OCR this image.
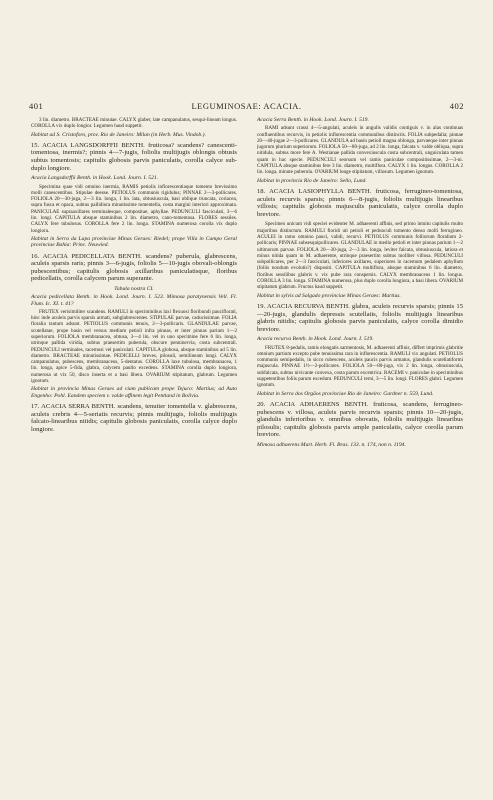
401	LEGUMINOSAE: ACACIA.	402

3 lin. diametro. BRACTEAE minutae. CALYX glaber, late campanulatus, sesqui-lineam longus. COROLLA vix duplo longior. Legumen haud suppetit.

Habitat ad S. Cristoforo, prov. Rio de Janeiro: Milan (in Herb. Mus. Vindob.).

15. ACACIA LANGSDORFFII BENTH. fruticosa? scandens? canescenti-tomentosa, inermis?; pinnis 4—7-jugis, foliolis multijugis oblongis obtusis subtus tomentosis; capitulis globosis parvis paniculatis, corolla calyce sub-duplo longiore.

Acacia Langsdorffii Benth. in Hook. Lond. Journ. I. 521.

Specimina quae vidi omnino inermia, RAMIS petiolis inflorescentiaque tomento brevissimo molli canescentibus. Stipulae deesse. PETIOLUS communis rigidulus; PINNAE 2—3-pollicares. FOLIOLA 20—30-juga, 2—3 lin. longa, 1 lin. lata, obtusiuscula, basi oblique truncata, coriacea, supra fusca et opaca, subtus pallidiora minutissime tomentella, costa margini interiori approximata. PANICULAE supraaxillares terminalesque, compositae, aphyllae. PEDUNCULI fasciculati, 3—6 lin. longi. CAPITULA absque staminibus 2 lin. diametro, cano-tomentosa. FLORES sessiles. CALYX fere tubulosus. COROLLA fere 2 lin. longa. STAMINA numerosa corolla vix duplo longiora.

Habitat in Serra da Lapa provinciae Minas Geraes: Riedel; prope Villa in Campo Geral provinciae Bahia: Princ. Neuwied.

16. ACACIA PEDICELLATA BENTH. scandens? puberula, glabrescens, aculeis sparsis raris; pinnis 3—6-jugis, foliolis 5—10-jugis obovali-oblongis pubescentibus; capitulis globosis axillaribus paniculatisque, floribus pedicellatis, corolla calycem parum superante.

Tabula nostra CI.

Acacia pedicellata Benth. in Hook. Lond. Journ. I. 523. Mimosa paratynensis Vell. Fl. Flum. Ic. XI. t. 41?

FRUTEX verisimiliter scandens. RAMULI in speciminibus laxi flexuosi floribundi pauciflorati, hinc inde aculeis parvis sparsis armati, subglabrescentes. STIPULAE parvae, caducissimae. FOLIA floralia tantum adsunt. PETIOLUS communis tenuis, 2—3-pollicaris. GLANDULAE parvae, scutellatae, prope basin vel versus medium petioli infra pinnas, et inter pinnas parium 1—2 superiorum. FOLIOLA membranacea, obtusa, 3—4 lin. vel in uno specimine fere 6 lin. longa, utrinque pallida viridia, subtus praesertim puberula, obscure penninervia, costa subcentrali. PEDUNCULI terminales, racemosi vel paniculati. CAPITULA globosa, absque staminibus ad 5 lin. diametro. BRACTEAE minutissimae. PEDICELLI breves, pilosuli, semilineam longi. CALYX campanulatus, pubescens, membranaceus, 5-dentatus. COROLLA laxe tubulosa, membranacea, 1 lin. longa, apice 5-fida, glabra, calycem paullo excedens. STAMINA corolla duplo longiora, numerosa ut vix 50, disco inserta et a basi libera. OVARIUM stipitatum, glabrum. Legumen ignotum.

Habitat in provincia Minas Geraes ad viam publicam prope Tejuco: Martius; ad Auto Engenho: Pohl. Eandem speciem v. valde affinem legit Pentland in Bolivia.

17. ACACIA SERRA BENTH. scandens, tenuiter tomentella v. glabrescens, aculeis crebris 4—5-seriatis recurvis; pinnis multijugis, foliolis multijugis falcato-linearibus nitidis; capitulis globosis paniculatis, corolla calyce duplo longiore.

Acacia Serra Benth. in Hook. Lond. Journ. I. 519.

RAMI adsunt crassi 4—5-angulati, aculeis in angulis validis contiguis v. in alas continuas confluentibus recurvis, in petiolis inflorescentia communibus distinctis. FOLIA subpedalia; pinnae 20—40-jugae 2—3-pollicares. GLANDULA ad basin petioli magna oblonga, parvaeque inter pinnas jugorum plurium superiorum. FOLIOLA 50—80-juga, ad 2 lin. longa, falcata v. valde obliqua, supra nitidula, subtus more fere A. Westianae pallida convexiuscula costa subcentrali, unguiculata tamen quam in hac specie. PEDUNCULI seorsum vel ramis paniculae compositissimae, 2—3-ni. CAPITULA absque staminibus fere 3 lin. diametro, multiflora. CALYX 1 lin. longus. COROLLA 2 lin. longa, minute puberula. OVARIUM longe stipitatum, villosum. Legumen ignotum.

Habitat in provincia Rio de Janeiro: Sello, Lund.

18. ACACIA LASIOPHYLLA BENTH. fruticosa, ferrugineo-tomentosa, aculeis recurvis sparsis; pinnis 6—8-jugis, foliolis multijugis linearibus villosis; capitulis globosis majusculis paniculatis, calyce corolla duplo breviore.

Specimen unicum vidi speciei evidenter M. adhaerenti affinis, sed primo intuitu capitulis multo majoribus distinctum. RAMULI floridi uti petioli et pedunculi tomento denso molli ferrugineo. ACULEI in ramo omnino pauci, validi, recurvi. PETIOLUS communis folliorum floralium 2-pollicaris; PINNAE subsesquipollicares. GLANDULAE in medio petioli et inter pinnas parium 1—2 ultimorum parvae. FOLIOLA 20—30-juga, 2—3 lin. longa, leviter falcata, obtusiuscula, latiora et minus nitida quam in M. adhaerente, utrinque praesertim subtus molliter villosa. PEDUNCULI subpollicares, per 2—3 fasciculati, inferiores axillares, superiores in racemum pedalem aphyllum (foliis nondum evolutis?) dispositi. CAPITULA multiflora, absque staminibus 6 lin. diametro, floribus sessilibus glabris v. vix pube rara conspersis. CALYX membranaceus 1 lin. longus. COROLLA 3 lin. longa. STAMINA numerosa, plus duplo corolla longiora, a basi libera. OVARIUM stipitatum glabrum. Fructus haud suppetit.

Habitat in sylvis ad Salgado provinciae Minas Geraes: Martius.

19. ACACIA RECURVA BENTH. glabra, aculeis recurvis sparsis; pinnis 15—20-jugis, glandulis depressis scutellatis, foliolis multijugis linearibus glabris nitidis; capitulis globosis parvis paniculatis, calyce corolla dimidio breviore.

Acacia recurva Benth. in Hook. Lond. Journ. I. 519.

FRUTEX 8-pedalis, ramis elongatis sarmentosis, M. adhaerenti affinis, differt imprimis glabritie omnium partium excepto pube tenuissima rara in inflorescentia. RAMULI vix angulati. PETIOLUS communis semipedalis, in sicco rubescens, aculeis paucis parvis armatus, glandulis scutellatiformi majuscula. PINNAE 1½—2-pollicares. FOLIOLA 50—80-juga, vix 2 lin. longa, obtusiuscula, subfalcata, subtus nivicante convexa, costa parum excentrica. RACEMI v. paniculae in speciminibus suppetentibus foliis parum excedunt. PEDUNCULI terni, 3—5 lin. longi. FLORES glabri. Legumen ignotum.

Habitat in Serra dos Orgãos provinciae Rio de Janeiro: Gardner n. 559, Lund.

20. ACACIA ADHAERENS BENTH. fruticosa, scandens, ferrugineo-pubescens v. villosa, aculeis parvis recurvis sparsis; pinnis 10—20-jugis, glandulis inferioribus v. omnibus obovatis, foliolis multijugis linearibus pilosulis; capitulis globosis parvis ample paniculatis, calyce corolla parum breviore.

Mimosa adhaerens Mart. Herb. Fl. Bras. 133. n. 174, non n. 1194.
